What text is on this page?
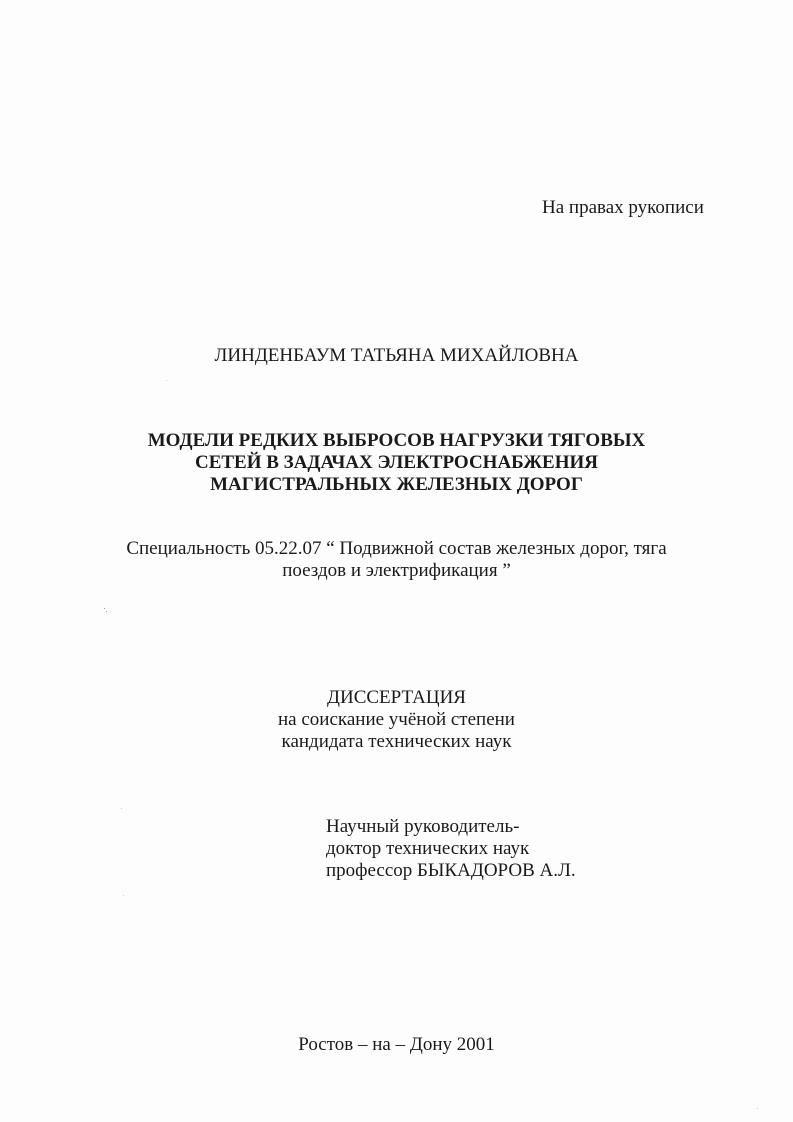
На правах рукописи
ЛИНДЕНБАУМ ТАТЬЯНА МИХАЙЛОВНА
МОДЕЛИ РЕДКИХ ВЫБРОСОВ НАГРУЗКИ ТЯГОВЫХ
СЕТЕЙ В ЗАДАЧАХ ЭЛЕКТРОСНАБЖЕНИЯ
МАГИСТРАЛЬНЫХ ЖЕЛЕЗНЫХ ДОРОГ
Специальность 05.22.07 “ Подвижной состав железных дорог, тяга
поездов и электрификация ”
ДИССЕРТАЦИЯ
на соискание учёной степени
кандидата технических наук
Научный руководитель-
доктор технических наук
профессор БЫКАДОРОВ А.Л.
Ростов – на – Дону 2001
